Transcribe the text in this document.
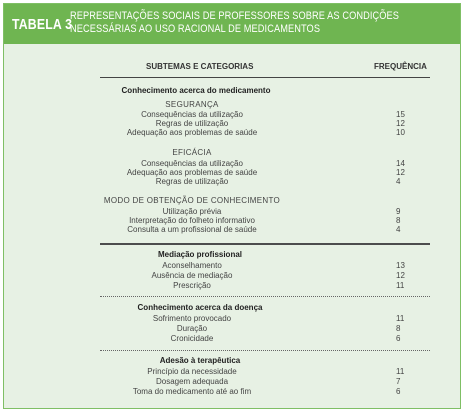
TABELA 3
REPRESENTAÇÕES SOCIAIS DE PROFESSORES SOBRE AS CONDIÇÕES NECESSÁRIAS AO USO RACIONAL DE MEDICAMENTOS
SUBTEMAS E CATEGORIAS	FREQUÊNCIA
Conhecimento acerca do medicamento
SEGURANÇA
Consequências da utilização	15
Regras de utilização	12
Adequação aos problemas de saúde	10
EFICÁCIA
Consequências da utilização	14
Adequação aos problemas de saúde	12
Regras de utilização	4
MODO DE OBTENÇÃO DE CONHECIMENTO
Utilização prévia	9
Interpretação do folheto informativo	8
Consulta a um profissional de saúde	4
Mediação profissional
Aconselhamento	13
Ausência de mediação	12
Prescrição	11
Conhecimento acerca da doença
Sofrimento provocado	11
Duração	8
Cronicidade	6
Adesão à terapêutica
Princípio da necessidade	11
Dosagem adequada	7
Toma do medicamento até ao fim	6
